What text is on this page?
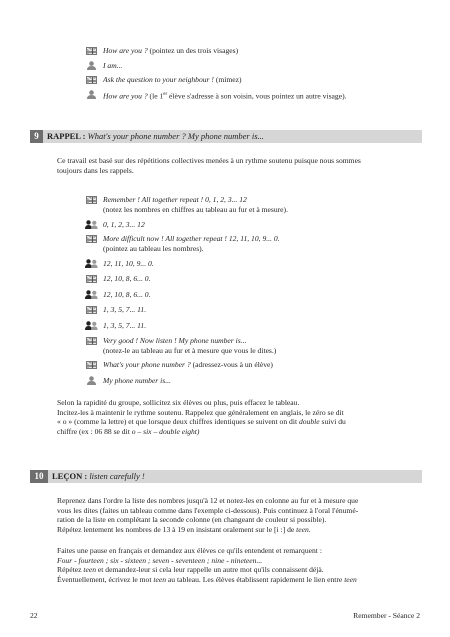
How are you ? (pointez un des trois visages)
I am...
Ask the question to your neighbour ! (mimez)
How are you ? (le 1er élève s'adresse à son voisin, vous pointez un autre visage).
9 RAPPEL : What's your phone number ? My phone number is...
Ce travail est basé sur des répétitions collectives menées à un rythme soutenu puisque nous sommes
toujours dans les rappels.
Remember ! All together repeat ! 0, 1, 2, 3... 12
(notez les nombres en chiffres au tableau au fur et à mesure).
0, 1, 2, 3... 12
More difficult now ! All together repeat ! 12, 11, 10, 9... 0.
(pointez au tableau les nombres).
12, 11, 10, 9... 0.
12, 10, 8, 6... 0.
12, 10, 8, 6... 0.
1, 3, 5, 7... 11.
1, 3, 5, 7... 11.
Very good ! Now listen ! My phone number is...
(notez-le au tableau au fur et à mesure que vous le dites.)
What's your phone number ? (adressez-vous à un élève)
My phone number is...
Selon la rapidité du groupe, sollicitez six élèves ou plus, puis effacez le tableau.
Incitez-les à maintenir le rythme soutenu. Rappelez que généralement en anglais, le zéro se dit
« o » (comme la lettre) et que lorsque deux chiffres identiques se suivent on dit double suivi du
chiffre (ex : 06 88 se dit o – six – double eight)
10	LEÇON : listen carefully !
Reprenez dans l'ordre la liste des nombres jusqu'à 12 et notez-les en colonne au fur et à mesure que
vous les dites (faites un tableau comme dans l'exemple ci-dessous). Puis continuez à l'oral l'énumé-
ration de la liste en complétant la seconde colonne (en changeant de couleur si possible).
Répétez lentement les nombres de 13 à 19 en insistant oralement sur le [i :] de teen.
Faites une pause en français et demandez aux élèves ce qu'ils entendent et remarquent :
Four - fourteen ; six - sixteen ; seven - seventeen ; nine - nineteen...
Répétez teen et demandez-leur si cela leur rappelle un autre mot qu'ils connaissent déjà.
Éventuellement, écrivez le mot teen au tableau. Les élèves établissent rapidement le lien entre teen
22	Remember - Séance 2
